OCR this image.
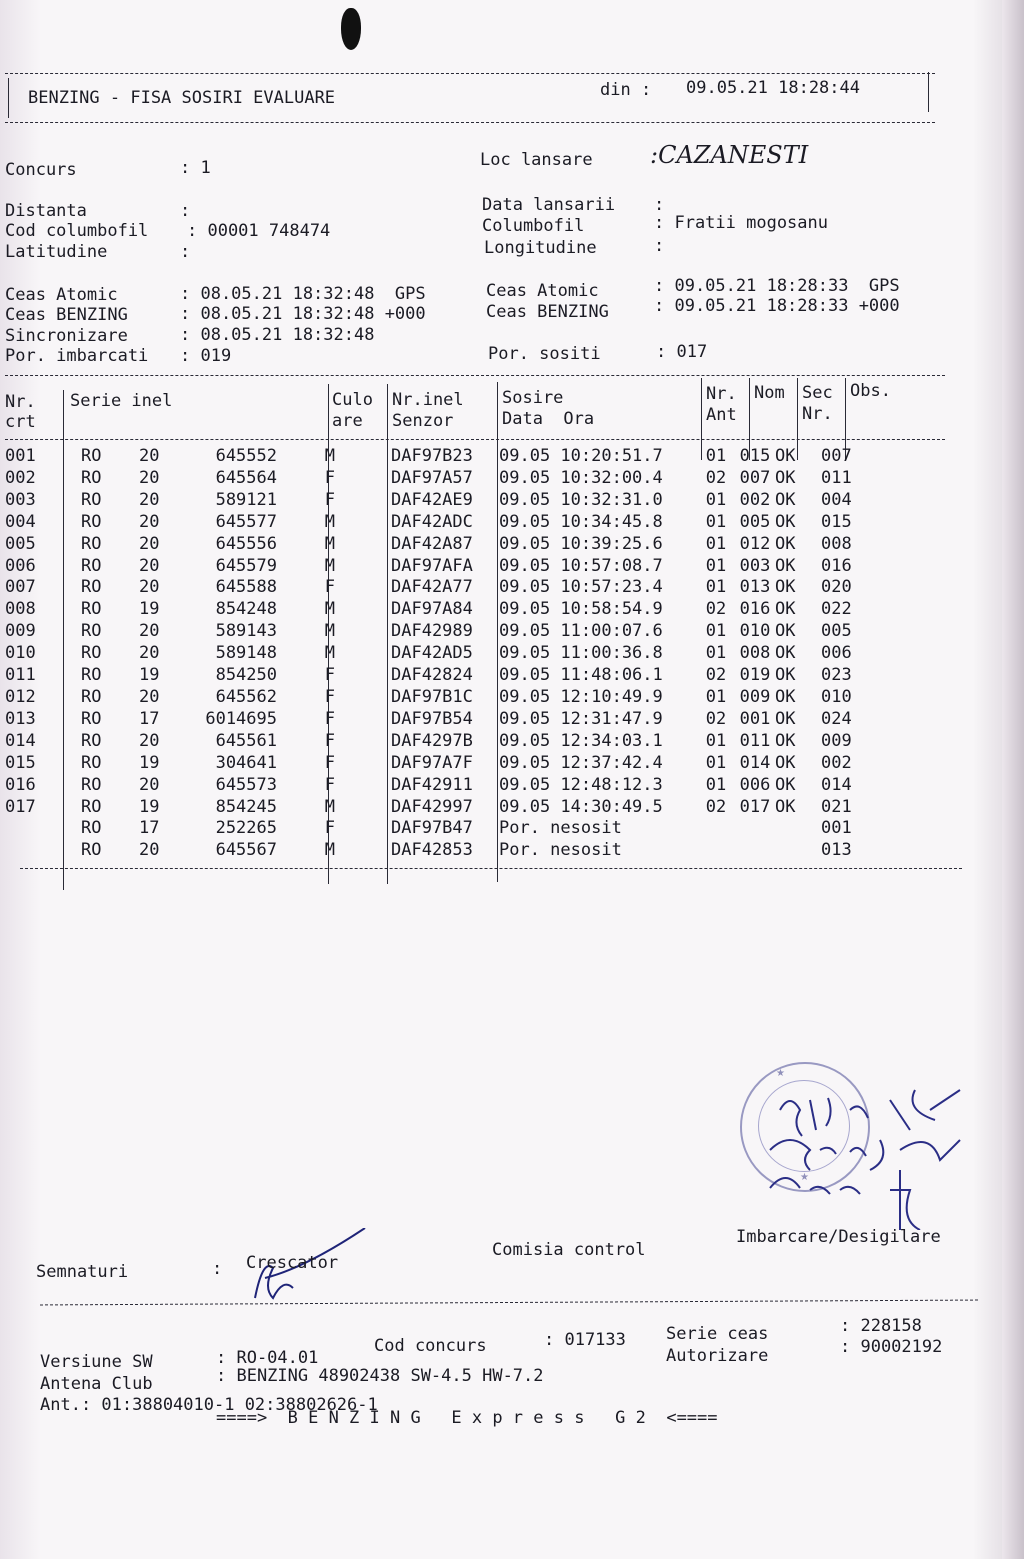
BENZING - FISA SOSIRI EVALUARE	din : 09.05.21 18:28:44
Concurs	: 1	Loc lansare :CAZANESTI
Distanta	:	Data lansarii :
Cod columbofil : 00001 748474	Columbofil	: Fratii mogosanu
Latitudine	:	Longitudine	:
Ceas Atomic	: 08.05.21 18:32:48  GPS
Ceas BENZING	: 08.05.21 18:32:48 +000
Sincronizare	: 08.05.21 18:32:48
Ceas Atomic	: 09.05.21 18:28:33  GPS
Ceas BENZING	: 09.05.21 18:28:33 +000
Por. imbarcati : 019	Por. sositi	: 017
Nr.
crt
Serie inel	Culo
are
Nr.inel
Senzor
Sosire
Data  Ora
Nr.
Ant
Nom Sec
Nr.
Obs.
001	RO	20	645552	M		DAF97B23	09.05 10:20:51.7	01	015	OK	007
002	RO	20	645564	F		DAF97A57	09.05 10:32:00.4	02	007	OK	011
003	RO	20	589121	F		DAF42AE9	09.05 10:32:31.0	01	002	OK	004
004	RO	20	645577	M		DAF42ADC	09.05 10:34:45.8	01	005	OK	015
005	RO	20	645556	M		DAF42A87	09.05 10:39:25.6	01	012	OK	008
006	RO	20	645579	M		DAF97AFA	09.05 10:57:08.7	01	003	OK	016
007	RO	20	645588	F		DAF42A77	09.05 10:57:23.4	01	013	OK	020
008	RO	19	854248	M		DAF97A84	09.05 10:58:54.9	02	016	OK	022
009	RO	20	589143	M		DAF42989	09.05 11:00:07.6	01	010	OK	005
010	RO	20	589148	M		DAF42AD5	09.05 11:00:36.8	01	008	OK	006
011	RO	19	854250	F		DAF42824	09.05 11:48:06.1	02	019	OK	023
012	RO	20	645562	F		DAF97B1C	09.05 12:10:49.9	01	009	OK	010
013	RO	17	6014695	F		DAF97B54	09.05 12:31:47.9	02	001	OK	024
014	RO	20	645561	F		DAF4297B	09.05 12:34:03.1	01	011	OK	009
015	RO	19	304641	F		DAF97A7F	09.05 12:37:42.4	01	014	OK	002
016	RO	20	645573	F		DAF42911	09.05 12:48:12.3	01	006	OK	014
017	RO	19	854245	M		DAF42997	09.05 14:30:49.5	02	017	OK	021
	RO	17	252265	F		DAF97B47	Por. nesosit				001
	RO	20	645567	M		DAF42853	Por. nesosit				013
★
★
Semnaturi	: Crescator
Comisia control
Imbarcare/Desigilare
Versiune SW	: RO-04.01
Cod concurs	: 017133 Serie ceas	: 228158
Antena Club	: BENZING 48902438 SW-4.5 HW-7.2
Autorizare	: 90002192
Ant.: 01:38804010-1 02:38802626-1
====>  B E N Z I N G   E x p r e s s   G 2  <====
